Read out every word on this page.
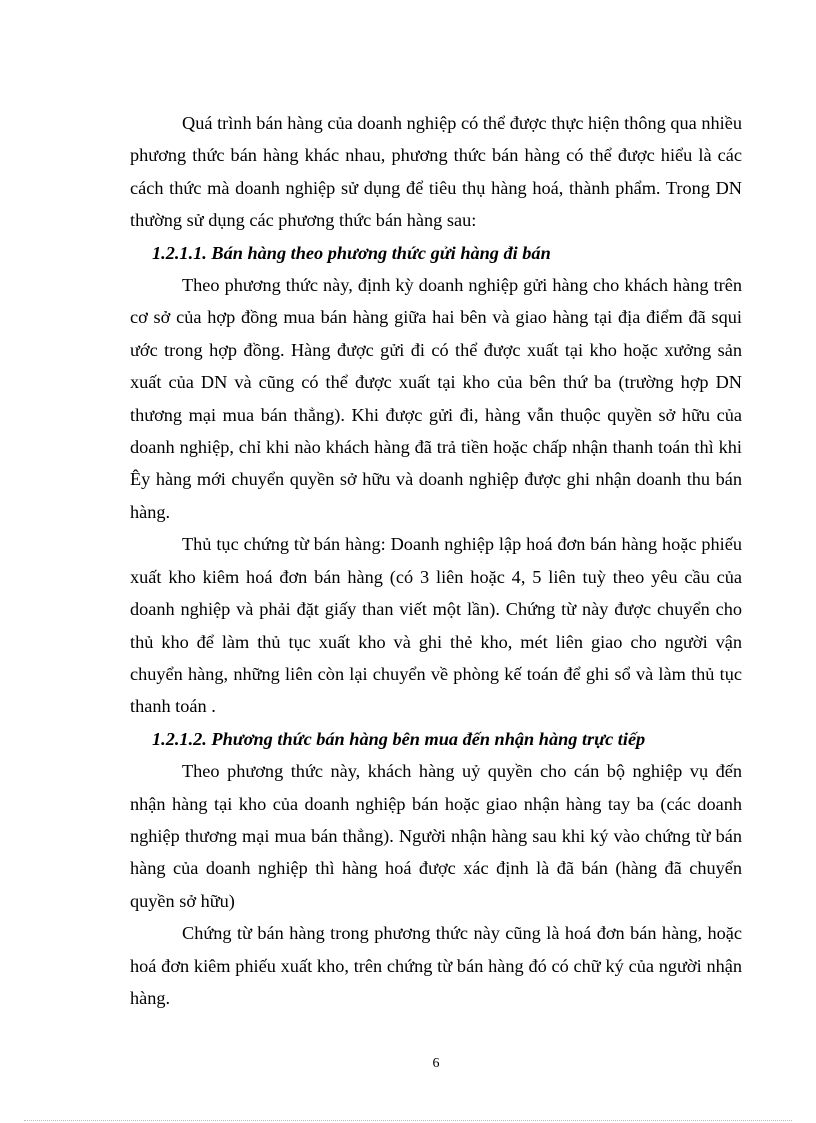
Quá trình bán hàng của doanh nghiệp có thể được thực hiện thông qua nhiều phương thức bán hàng khác nhau, phương thức bán hàng có thể được hiểu là các cách thức mà doanh nghiệp sử dụng để tiêu thụ hàng hoá, thành phẩm. Trong DN thường sử dụng các phương thức bán hàng sau:

1.2.1.1. Bán hàng theo phương thức gửi hàng đi bán

Theo phương thức này, định kỳ doanh nghiệp gửi hàng cho khách hàng trên cơ sở của hợp đồng mua bán hàng giữa hai bên và giao hàng tại địa điểm đã squi ước trong hợp đồng. Hàng được gửi đi có thể được xuất tại kho hoặc xưởng sản xuất của DN và cũng có thể được xuất tại kho của bên thứ ba (trường hợp DN thương mại mua bán thẳng). Khi được gửi đi, hàng vẫn thuộc quyền sở hữu của doanh nghiệp, chỉ khi nào khách hàng đã trả tiền hoặc chấp nhận thanh toán thì khi Êy hàng mới chuyển quyền sở hữu và doanh nghiệp được ghi nhận doanh thu bán hàng.

Thủ tục chứng từ bán hàng: Doanh nghiệp lập hoá đơn bán hàng hoặc phiếu xuất kho kiêm hoá đơn bán hàng (có 3 liên hoặc 4, 5 liên tuỳ theo yêu cầu của doanh nghiệp và phải đặt giấy than viết một lần). Chứng từ này được chuyển cho thủ kho để làm thủ tục xuất kho và ghi thẻ kho, mét liên giao cho người vận chuyển hàng, những liên còn lại chuyển về phòng kế toán để ghi sổ và làm thủ tục thanh toán .

1.2.1.2. Phương thức bán hàng bên mua đến nhận hàng trực tiếp

Theo phương thức này, khách hàng uỷ quyền cho cán bộ nghiệp vụ đến nhận hàng tại kho của doanh nghiệp bán hoặc giao nhận hàng tay ba (các doanh nghiệp thương mại mua bán thẳng). Người nhận hàng sau khi ký vào chứng từ bán hàng của doanh nghiệp thì hàng hoá được xác định là đã bán (hàng đã chuyển quyền sở hữu)

Chứng từ bán hàng trong phương thức này cũng là hoá đơn bán hàng, hoặc hoá đơn kiêm phiếu xuất kho, trên chứng từ bán hàng đó có chữ ký của người nhận hàng.

6
